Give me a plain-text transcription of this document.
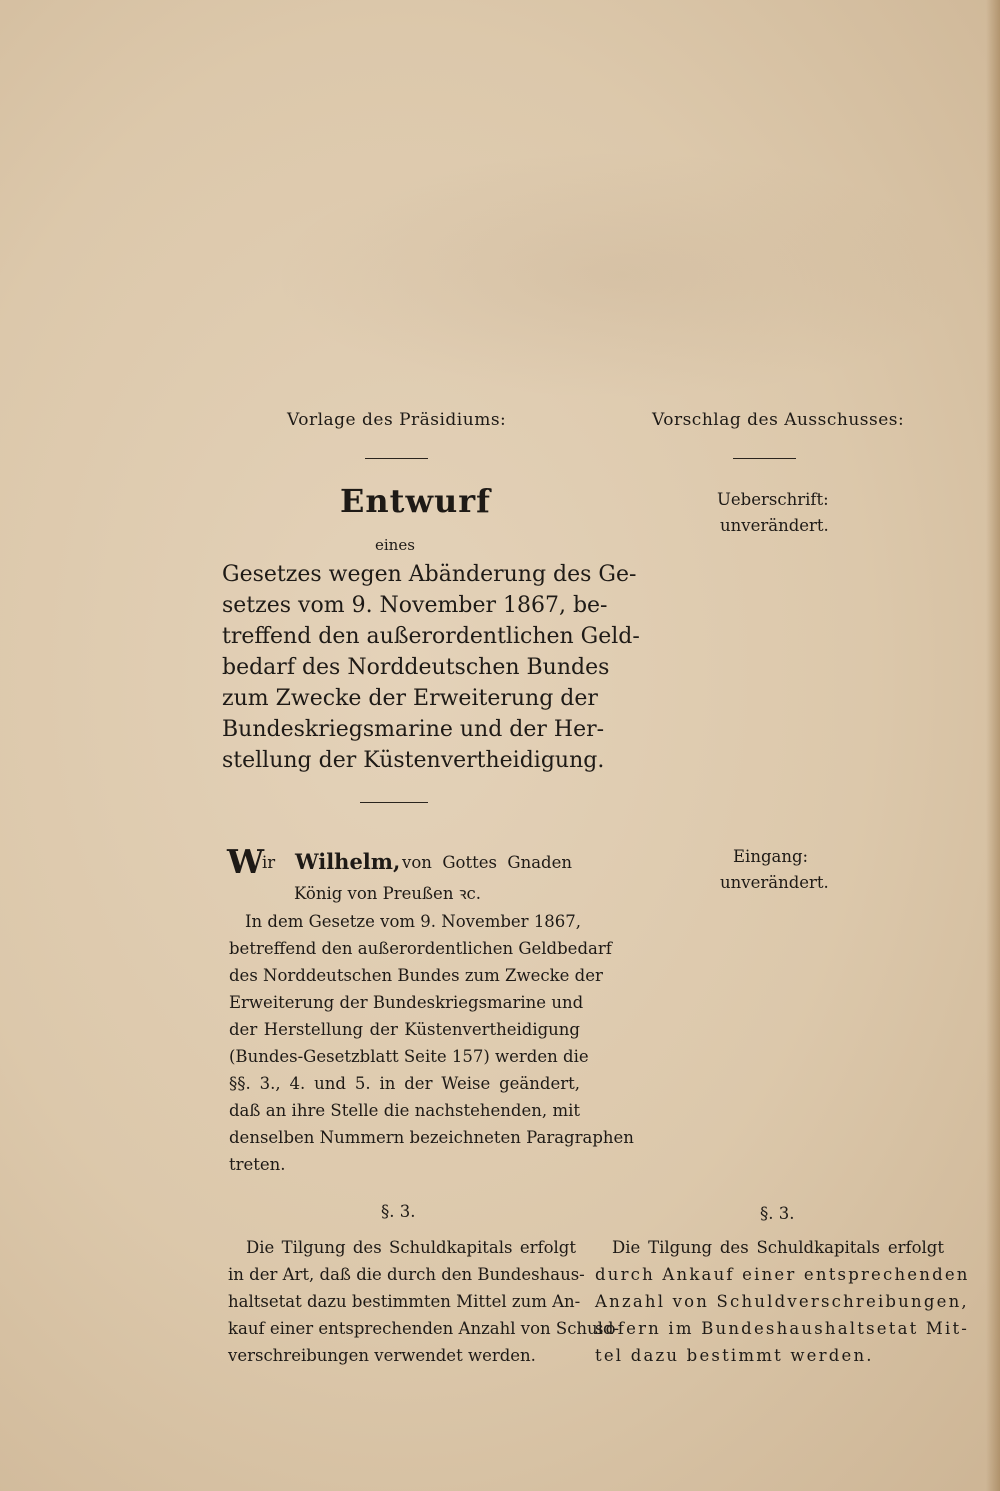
Vorlage des Präsidiums:

Entwurf

eines

Gesetzes wegen Abänderung des Ge-

setzes vom 9. November 1867, be-

treffend den außerordentlichen Geld-

bedarf des Norddeutschen Bundes

zum Zwecke der Erweiterung der

Bundeskriegsmarine und der Her-

stellung der Küstenvertheidigung.

W

ir Wilhelm, von Gottes Gnaden

König von Preußen ꝛc.

In dem Gesetze vom 9. November 1867,

betreffend den außerordentlichen Geldbedarf

des Norddeutschen Bundes zum Zwecke der

Erweiterung der Bundeskriegsmarine und

der Herstellung der Küstenvertheidigung

(Bundes-Gesetzblatt Seite 157) werden die

§§. 3., 4. und 5. in der Weise geändert,

daß an ihre Stelle die nachstehenden, mit

denselben Nummern bezeichneten Paragraphen

treten.

§. 3.

Die Tilgung des Schuldkapitals erfolgt

in der Art, daß die durch den Bundeshaus-

haltsetat dazu bestimmten Mittel zum An-

kauf einer entsprechenden Anzahl von Schuld-

verschreibungen verwendet werden.

Vorschlag des Ausschusses:

Ueberschrift:

unverändert.

Eingang:

unverändert.

§. 3.

Die Tilgung des Schuldkapitals erfolgt

durch Ankauf einer entsprechenden

Anzahl von Schuldverschreibungen,

sofern im Bundeshaushaltsetat Mit-

tel dazu bestimmt werden.
